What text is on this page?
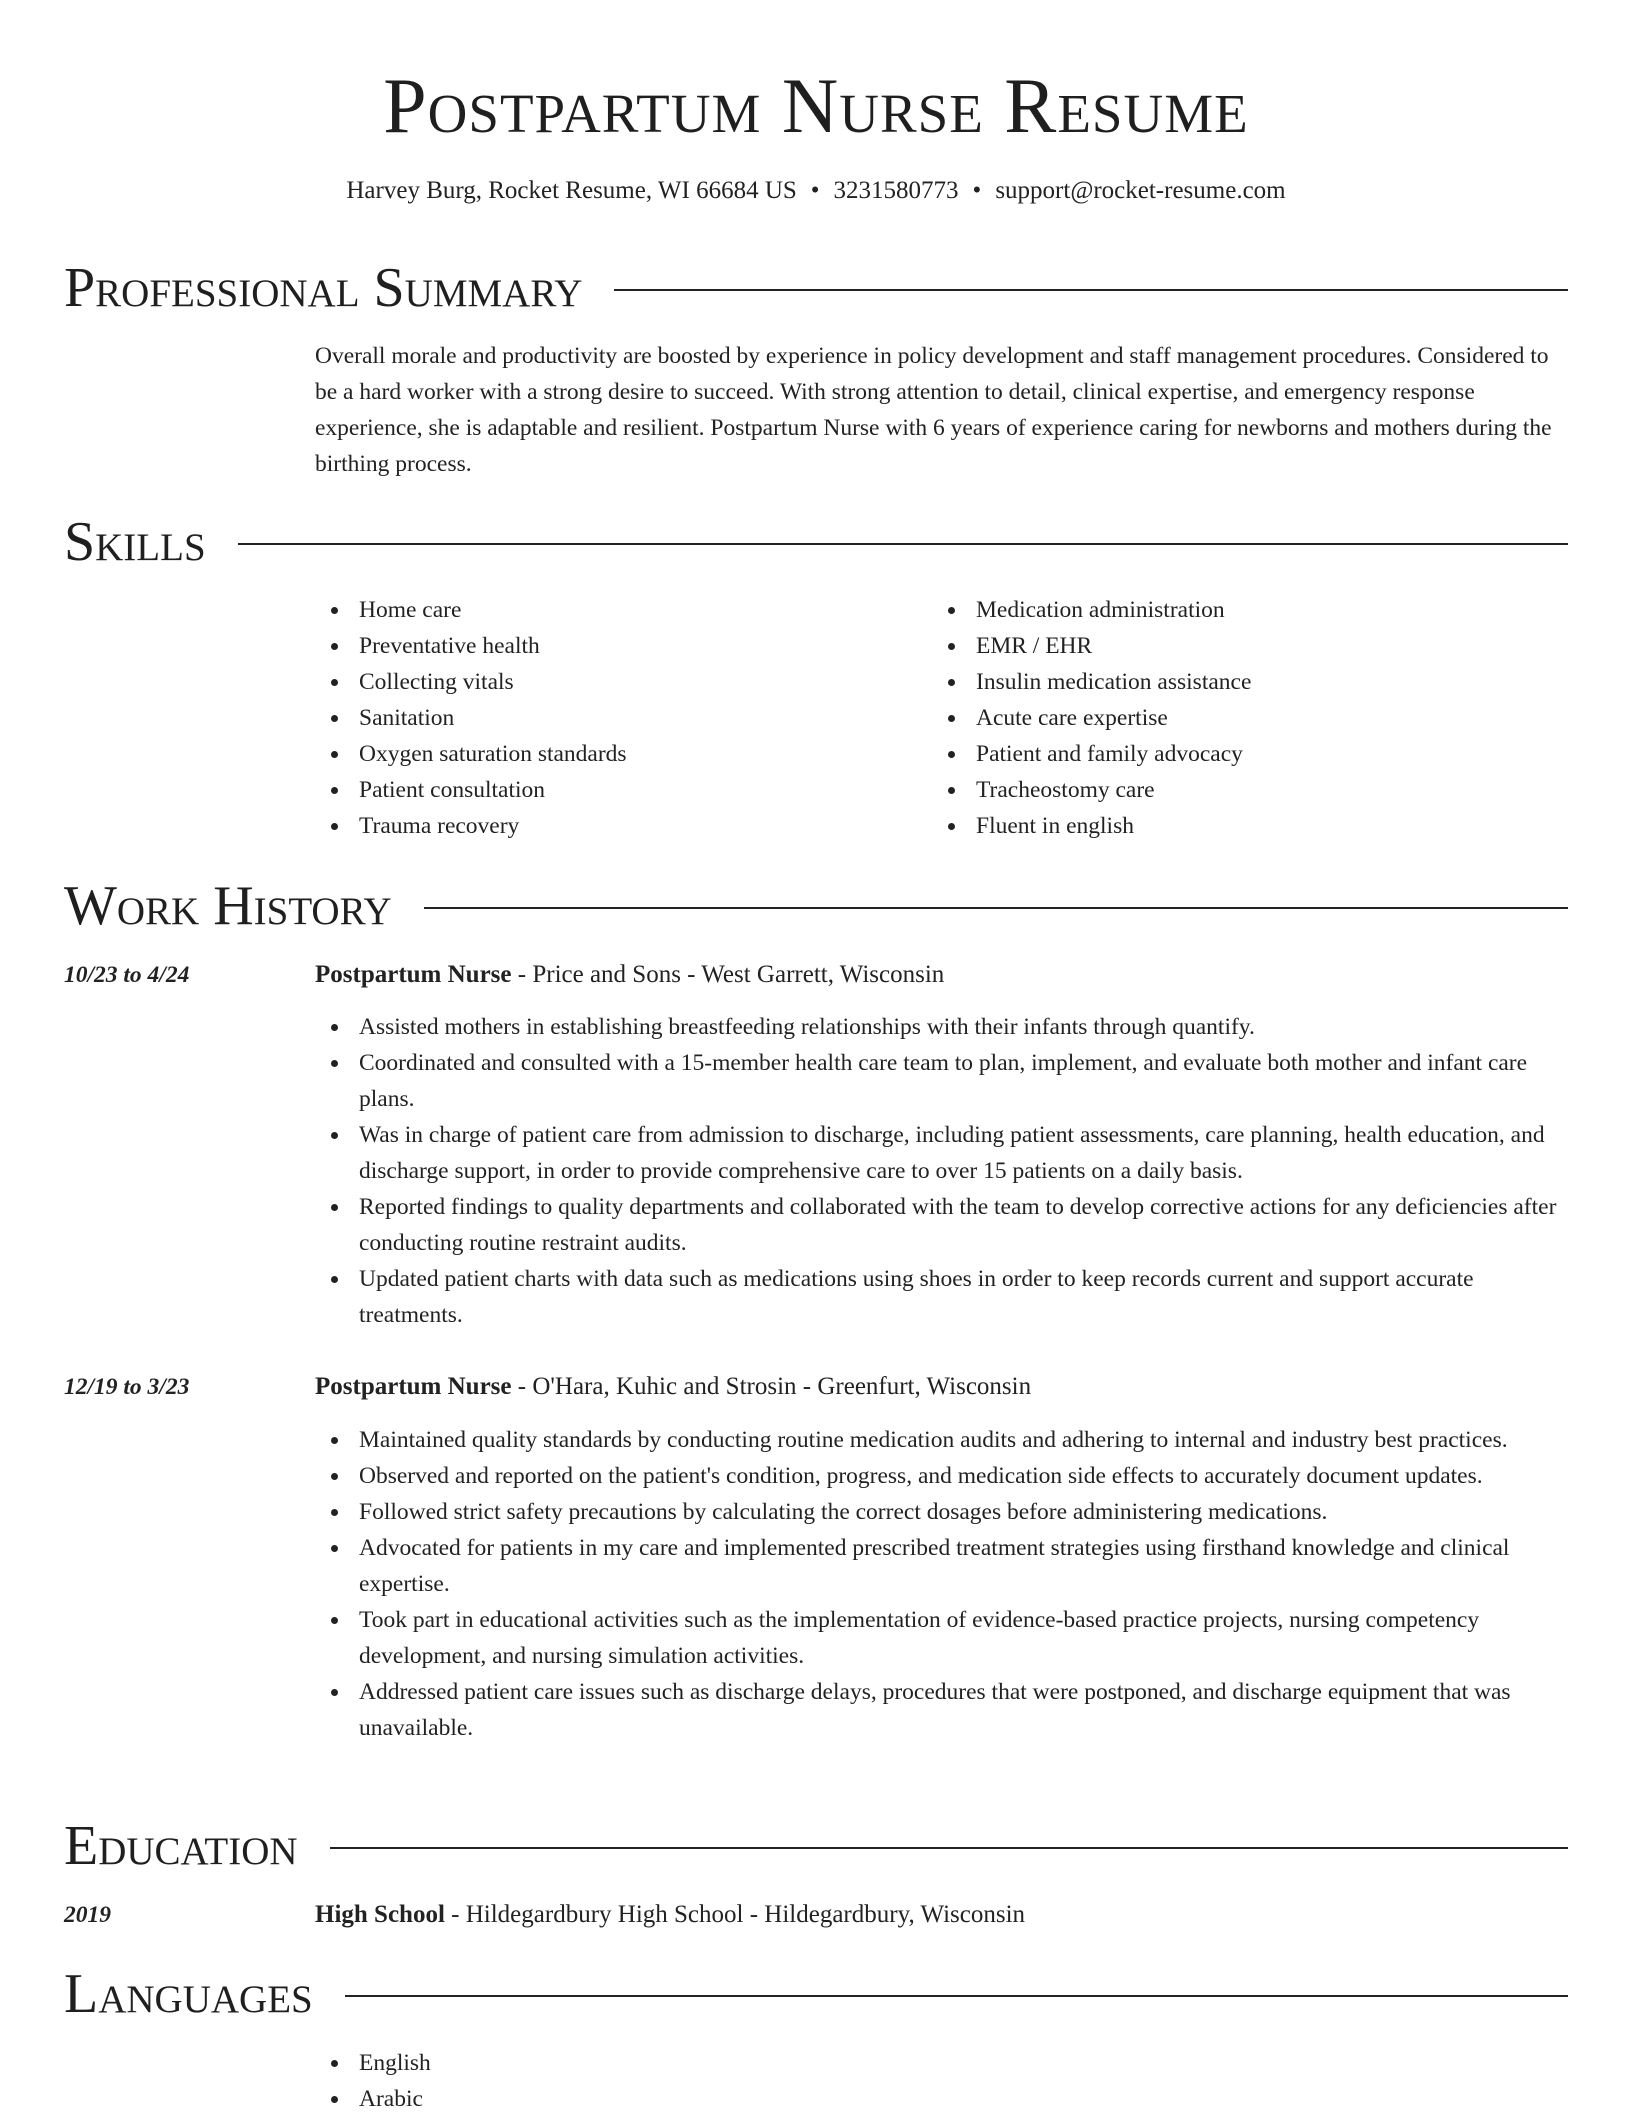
Postpartum Nurse Resume
Harvey Burg, Rocket Resume, WI 66684 US • 3231580773 • support@rocket-resume.com
Professional Summary

Overall morale and productivity are boosted by experience in policy development and staff management procedures. Considered to be a hard worker with a strong desire to succeed. With strong attention to detail, clinical expertise, and emergency response experience, she is adaptable and resilient. Postpartum Nurse with 6 years of experience caring for newborns and mothers during the birthing process.

Skills
Home care
Preventative health
Collecting vitals
Sanitation
Oxygen saturation standards
Patient consultation
Trauma recovery
Medication administration
EMR / EHR
Insulin medication assistance
Acute care expertise
Patient and family advocacy
Tracheostomy care
Fluent in english
Work History
10/23 to 4/24	Postpartum Nurse - Price and Sons - West Garrett, Wisconsin
Assisted mothers in establishing breastfeeding relationships with their infants through quantify.
Coordinated and consulted with a 15-member health care team to plan, implement, and evaluate both mother and infant care plans.
Was in charge of patient care from admission to discharge, including patient assessments, care planning, health education, and discharge support, in order to provide comprehensive care to over 15 patients on a daily basis.
Reported findings to quality departments and collaborated with the team to develop corrective actions for any deficiencies after conducting routine restraint audits.
Updated patient charts with data such as medications using shoes in order to keep records current and support accurate treatments.
12/19 to 3/23	Postpartum Nurse - O'Hara, Kuhic and Strosin - Greenfurt, Wisconsin
Maintained quality standards by conducting routine medication audits and adhering to internal and industry best practices.
Observed and reported on the patient's condition, progress, and medication side effects to accurately document updates.
Followed strict safety precautions by calculating the correct dosages before administering medications.
Advocated for patients in my care and implemented prescribed treatment strategies using firsthand knowledge and clinical expertise.
Took part in educational activities such as the implementation of evidence-based practice projects, nursing competency development, and nursing simulation activities.
Addressed patient care issues such as discharge delays, procedures that were postponed, and discharge equipment that was unavailable.
Education
2019	High School - Hildegardbury High School - Hildegardbury, Wisconsin
Languages
English
Arabic
